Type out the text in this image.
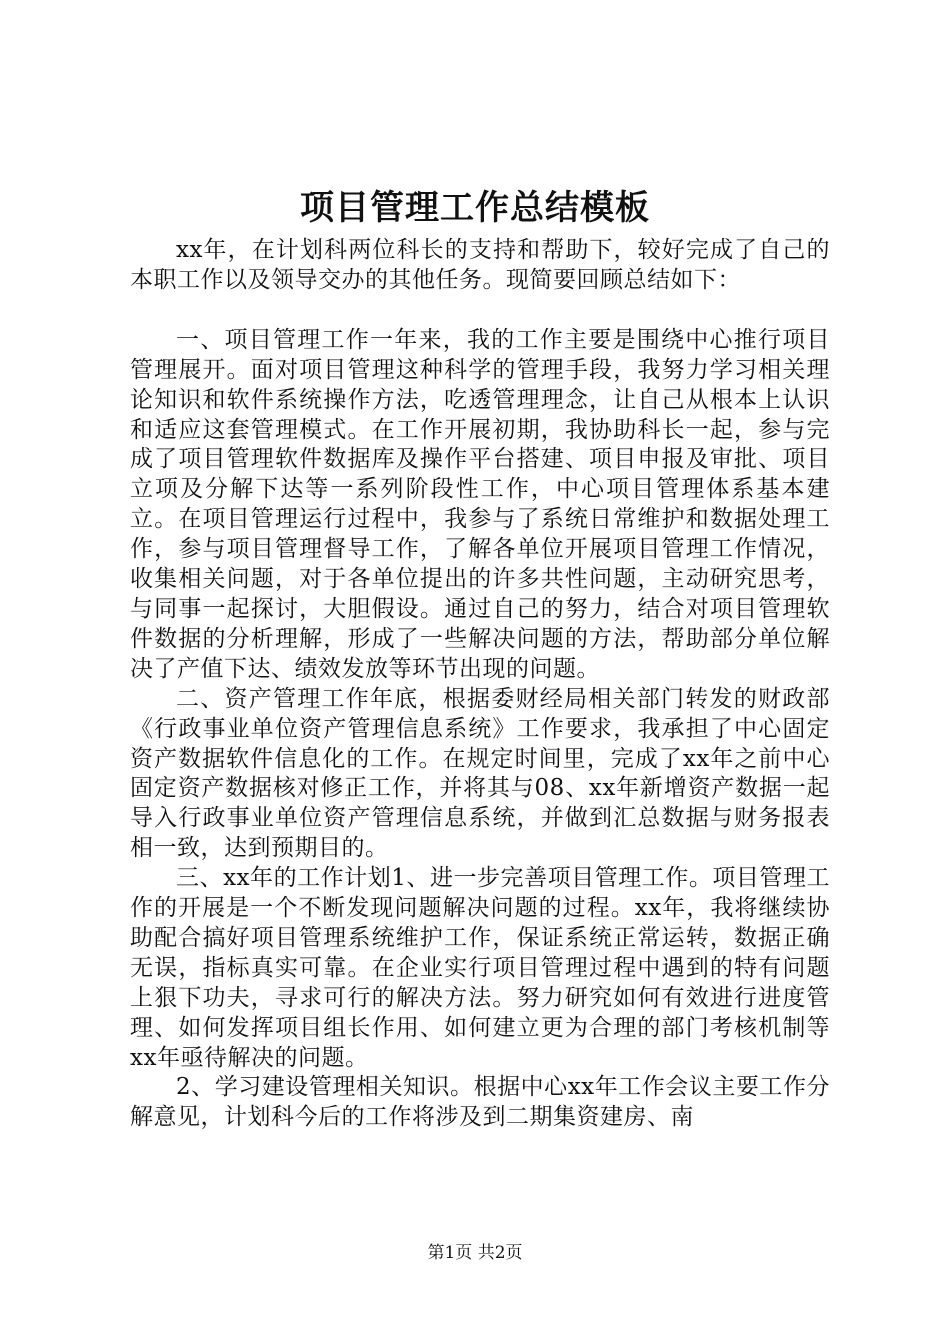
项目管理工作总结模板

xx年，在计划科两位科长的支持和帮助下，较好完成了自己的本职工作以及领导交办的其他任务。现简要回顾总结如下：

一、项目管理工作一年来，我的工作主要是围绕中心推行项目管理展开。面对项目管理这种科学的管理手段，我努力学习相关理论知识和软件系统操作方法，吃透管理理念，让自己从根本上认识和适应这套管理模式。在工作开展初期，我协助科长一起，参与完成了项目管理软件数据库及操作平台搭建、项目申报及审批、项目立项及分解下达等一系列阶段性工作，中心项目管理体系基本建立。在项目管理运行过程中，我参与了系统日常维护和数据处理工作，参与项目管理督导工作，了解各单位开展项目管理工作情况，收集相关问题，对于各单位提出的许多共性问题，主动研究思考，与同事一起探讨，大胆假设。通过自己的努力，结合对项目管理软件数据的分析理解，形成了一些解决问题的方法，帮助部分单位解决了产值下达、绩效发放等环节出现的问题。

二、资产管理工作年底，根据委财经局相关部门转发的财政部《行政事业单位资产管理信息系统》工作要求，我承担了中心固定资产数据软件信息化的工作。在规定时间里，完成了xx年之前中心固定资产数据核对修正工作，并将其与08、xx年新增资产数据一起导入行政事业单位资产管理信息系统，并做到汇总数据与财务报表相一致，达到预期目的。

三、xx年的工作计划1、进一步完善项目管理工作。项目管理工作的开展是一个不断发现问题解决问题的过程。xx年，我将继续协助配合搞好项目管理系统维护工作，保证系统正常运转，数据正确无误，指标真实可靠。在企业实行项目管理过程中遇到的特有问题上狠下功夫，寻求可行的解决方法。努力研究如何有效进行进度管理、如何发挥项目组长作用、如何建立更为合理的部门考核机制等xx年亟待解决的问题。

2、学习建设管理相关知识。根据中心xx年工作会议主要工作分解意见，计划科今后的工作将涉及到二期集资建房、南

第1页 共2页
